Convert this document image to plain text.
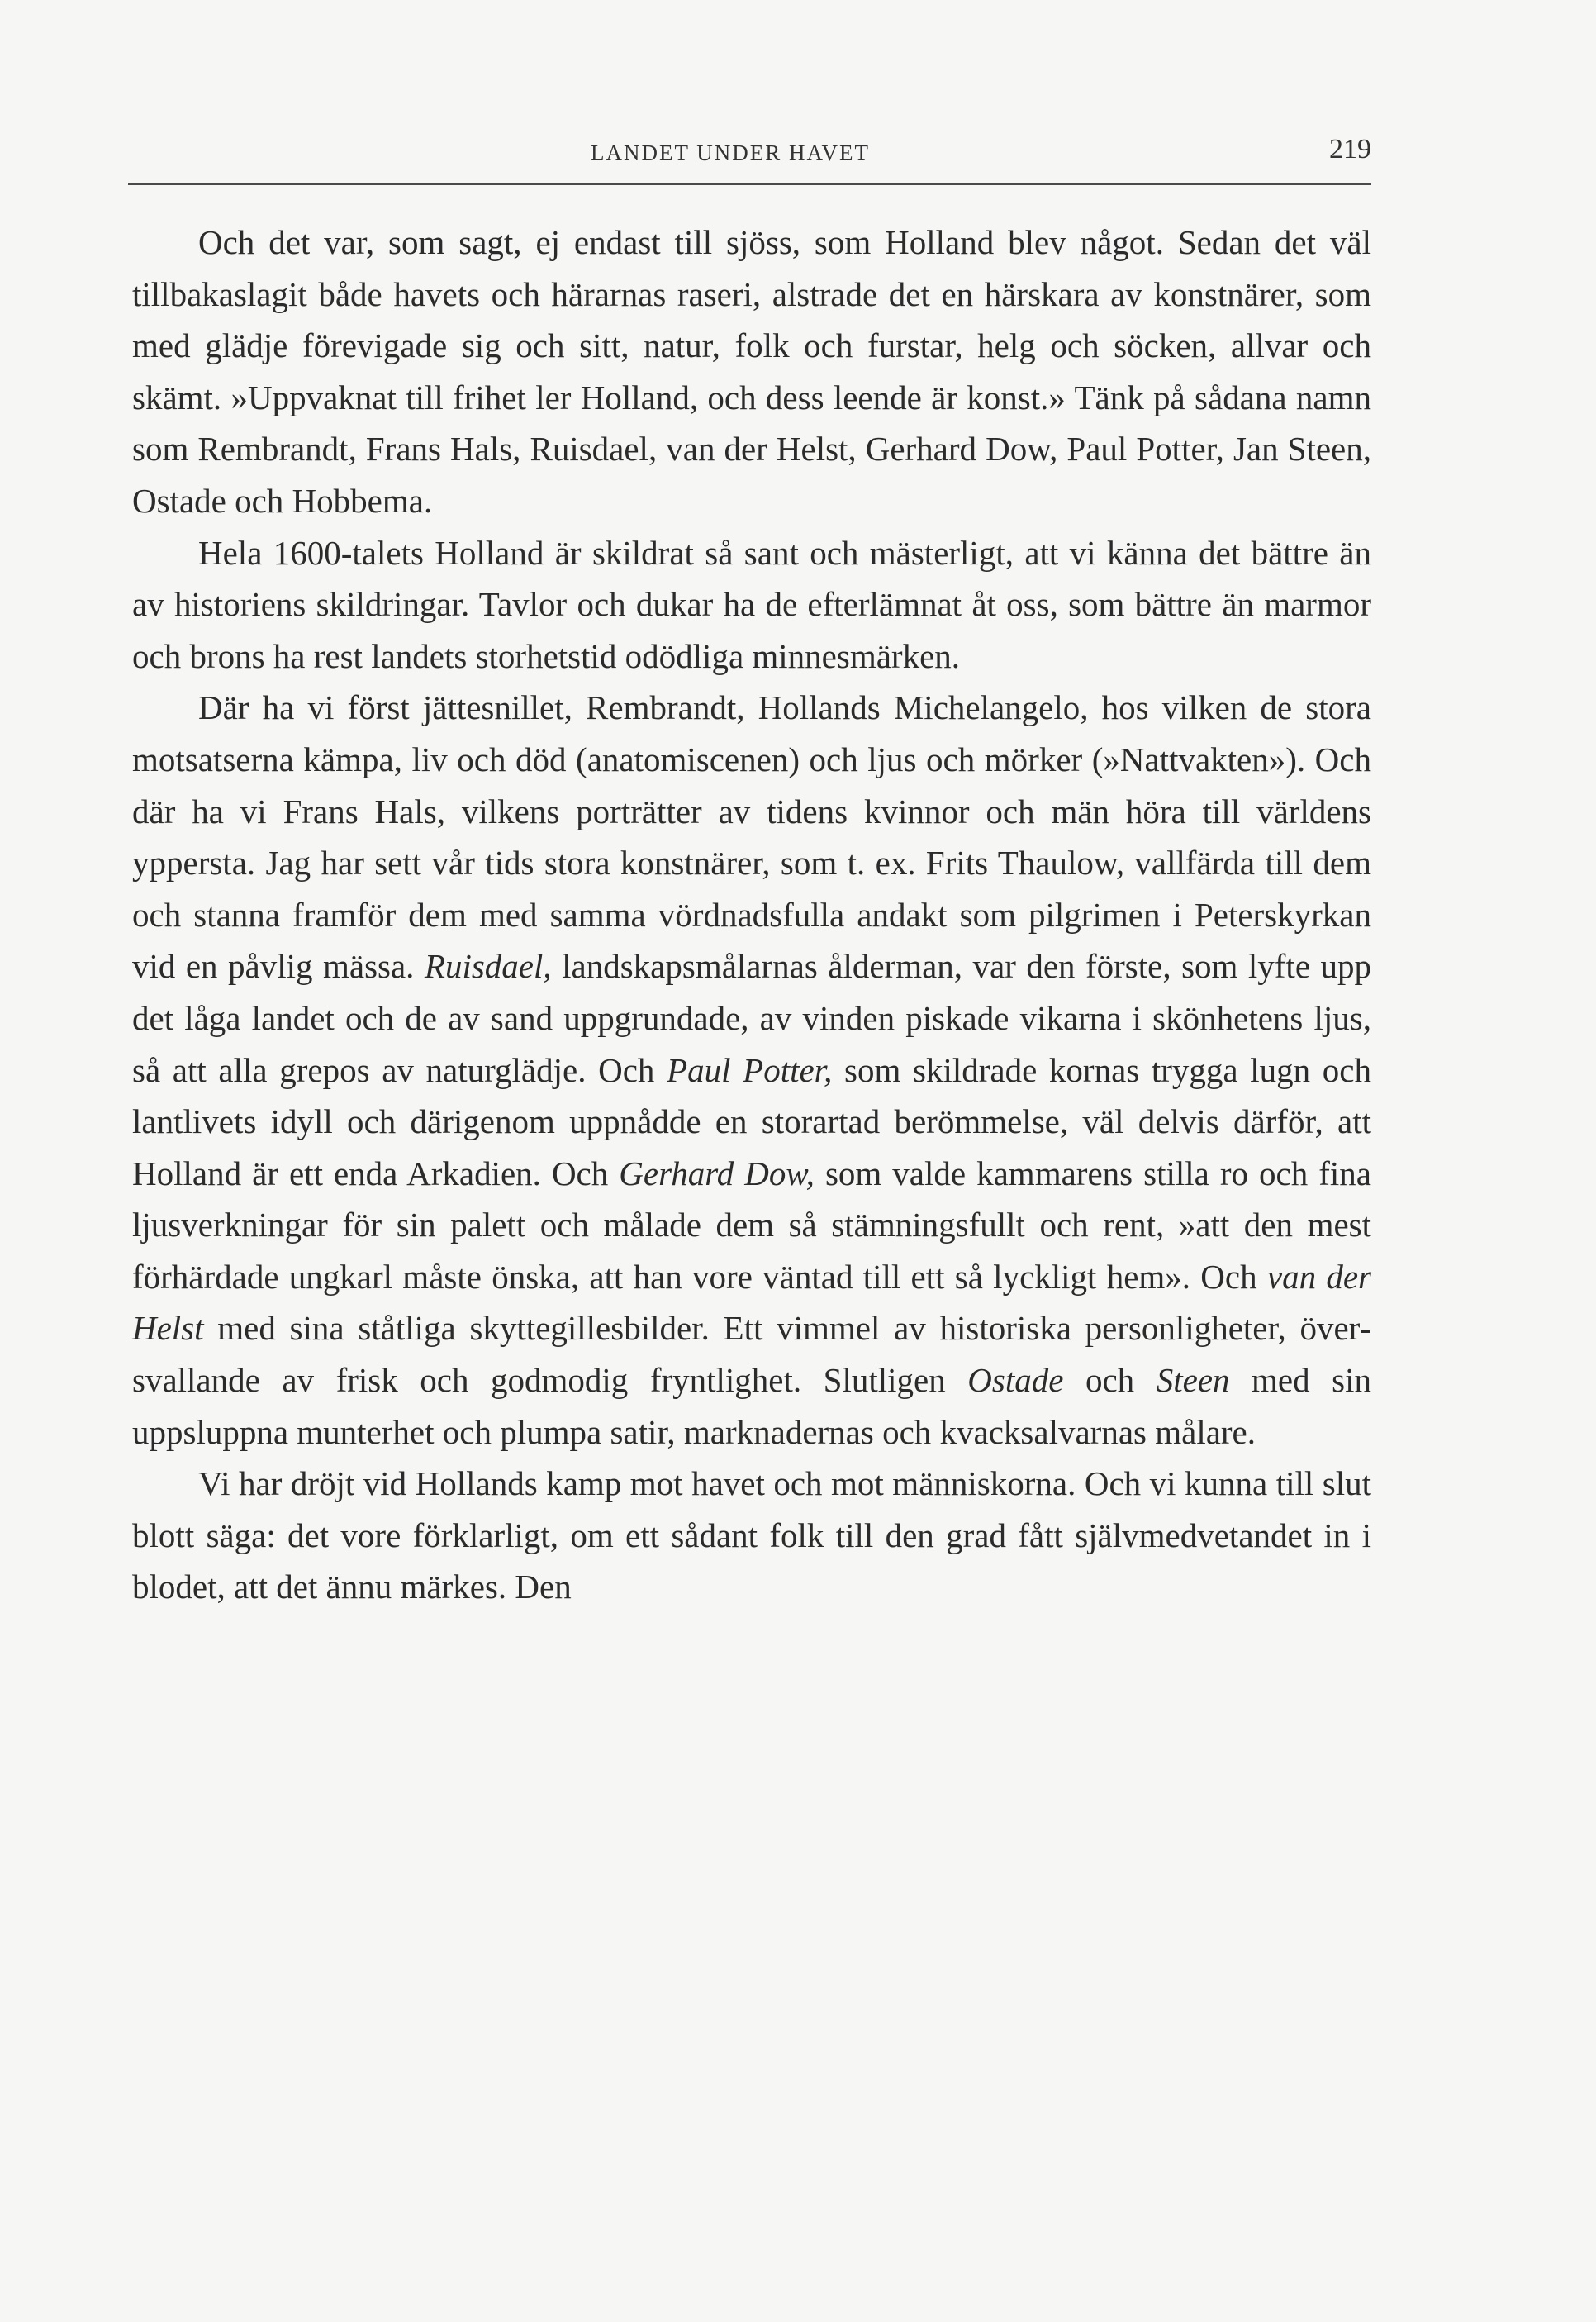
LANDET UNDER HAVET	219

Och det var, som sagt, ej endast till sjöss, som Holland blev något. Sedan det väl tillbakaslagit både havets och härarnas raseri, alstrade det en härskara av konstnärer, som med glädje förevigade sig och sitt, natur, folk och furstar, helg och söcken, allvar och skämt. »Uppvaknat till frihet ler Holland, och dess leende är konst.» Tänk på sådana namn som Rembrandt, Frans Hals, Ruisdael, van der Helst, Gerhard Dow, Paul Potter, Jan Steen, Ostade och Hobbema.

Hela 1600-talets Holland är skildrat så sant och mästerligt, att vi känna det bättre än av historiens skildringar. Tavlor och dukar ha de efterlämnat åt oss, som bättre än marmor och brons ha rest landets storhetstid odödliga minnesmärken.

Där ha vi först jättesnillet, Rembrandt, Hollands Michelangelo, hos vilken de stora motsatserna kämpa, liv och död (anatomiscenen) och ljus och mörker (»Nattvakten»). Och där ha vi Frans Hals, vilkens porträtter av tidens kvinnor och män höra till världens yppersta. Jag har sett vår tids stora konstnärer, som t. ex. Frits Thaulow, vallfärda till dem och stanna framför dem med samma vördnadsfulla andakt som pilgrimen i Peterskyrkan vid en påvlig mässa. Ruisdael, landskapsmålarnas ålderman, var den förste, som lyfte upp det låga landet och de av sand uppgrundade, av vinden piskade vikarna i skönhetens ljus, så att alla grepos av naturglädje. Och Paul Potter, som skildrade kornas trygga lugn och lantlivets idyll och därigenom uppnådde en storartad berömmelse, väl delvis därför, att Holland är ett enda Arkadien. Och Gerhard Dow, som valde kammarens stilla ro och fina ljusverkningar för sin palett och målade dem så stämningsfullt och rent, »att den mest förhärdade ungkarl måste önska, att han vore väntad till ett så lyckligt hem». Och van der Helst med sina ståtliga skyttegillesbilder. Ett vimmel av historiska personligheter, översvallande av frisk och godmodig fryntlighet. Slutligen Ostade och Steen med sin uppsluppna munterhet och plumpa satir, marknadernas och kvacksalvarnas målare.

Vi har dröjt vid Hollands kamp mot havet och mot människorna. Och vi kunna till slut blott säga: det vore förklarligt, om ett sådant folk till den grad fått självmedvetandet in i blodet, att det ännu märkes. Den
